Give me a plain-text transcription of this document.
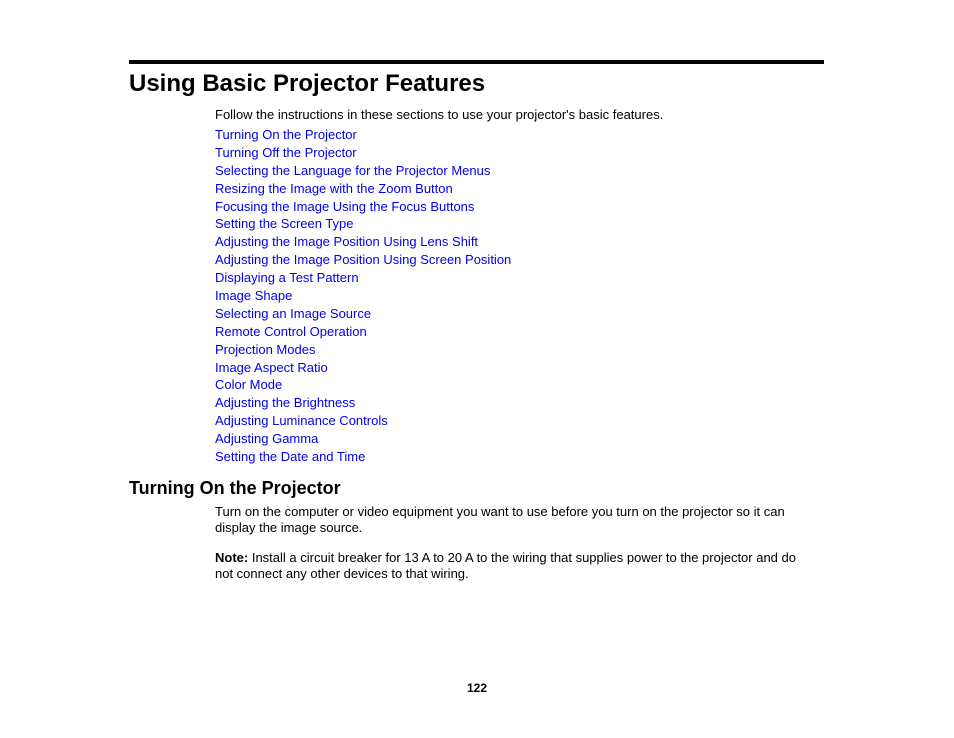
Using Basic Projector Features

Follow the instructions in these sections to use your projector's basic features.

Turning On the Projector
Turning Off the Projector
Selecting the Language for the Projector Menus
Resizing the Image with the Zoom Button
Focusing the Image Using the Focus Buttons
Setting the Screen Type
Adjusting the Image Position Using Lens Shift
Adjusting the Image Position Using Screen Position
Displaying a Test Pattern
Image Shape
Selecting an Image Source
Remote Control Operation
Projection Modes
Image Aspect Ratio
Color Mode
Adjusting the Brightness
Adjusting Luminance Controls
Adjusting Gamma
Setting the Date and Time
Turning On the Projector

Turn on the computer or video equipment you want to use before you turn on the projector so it can display the image source.

Note: Install a circuit breaker for 13 A to 20 A to the wiring that supplies power to the projector and do not connect any other devices to that wiring.

122
